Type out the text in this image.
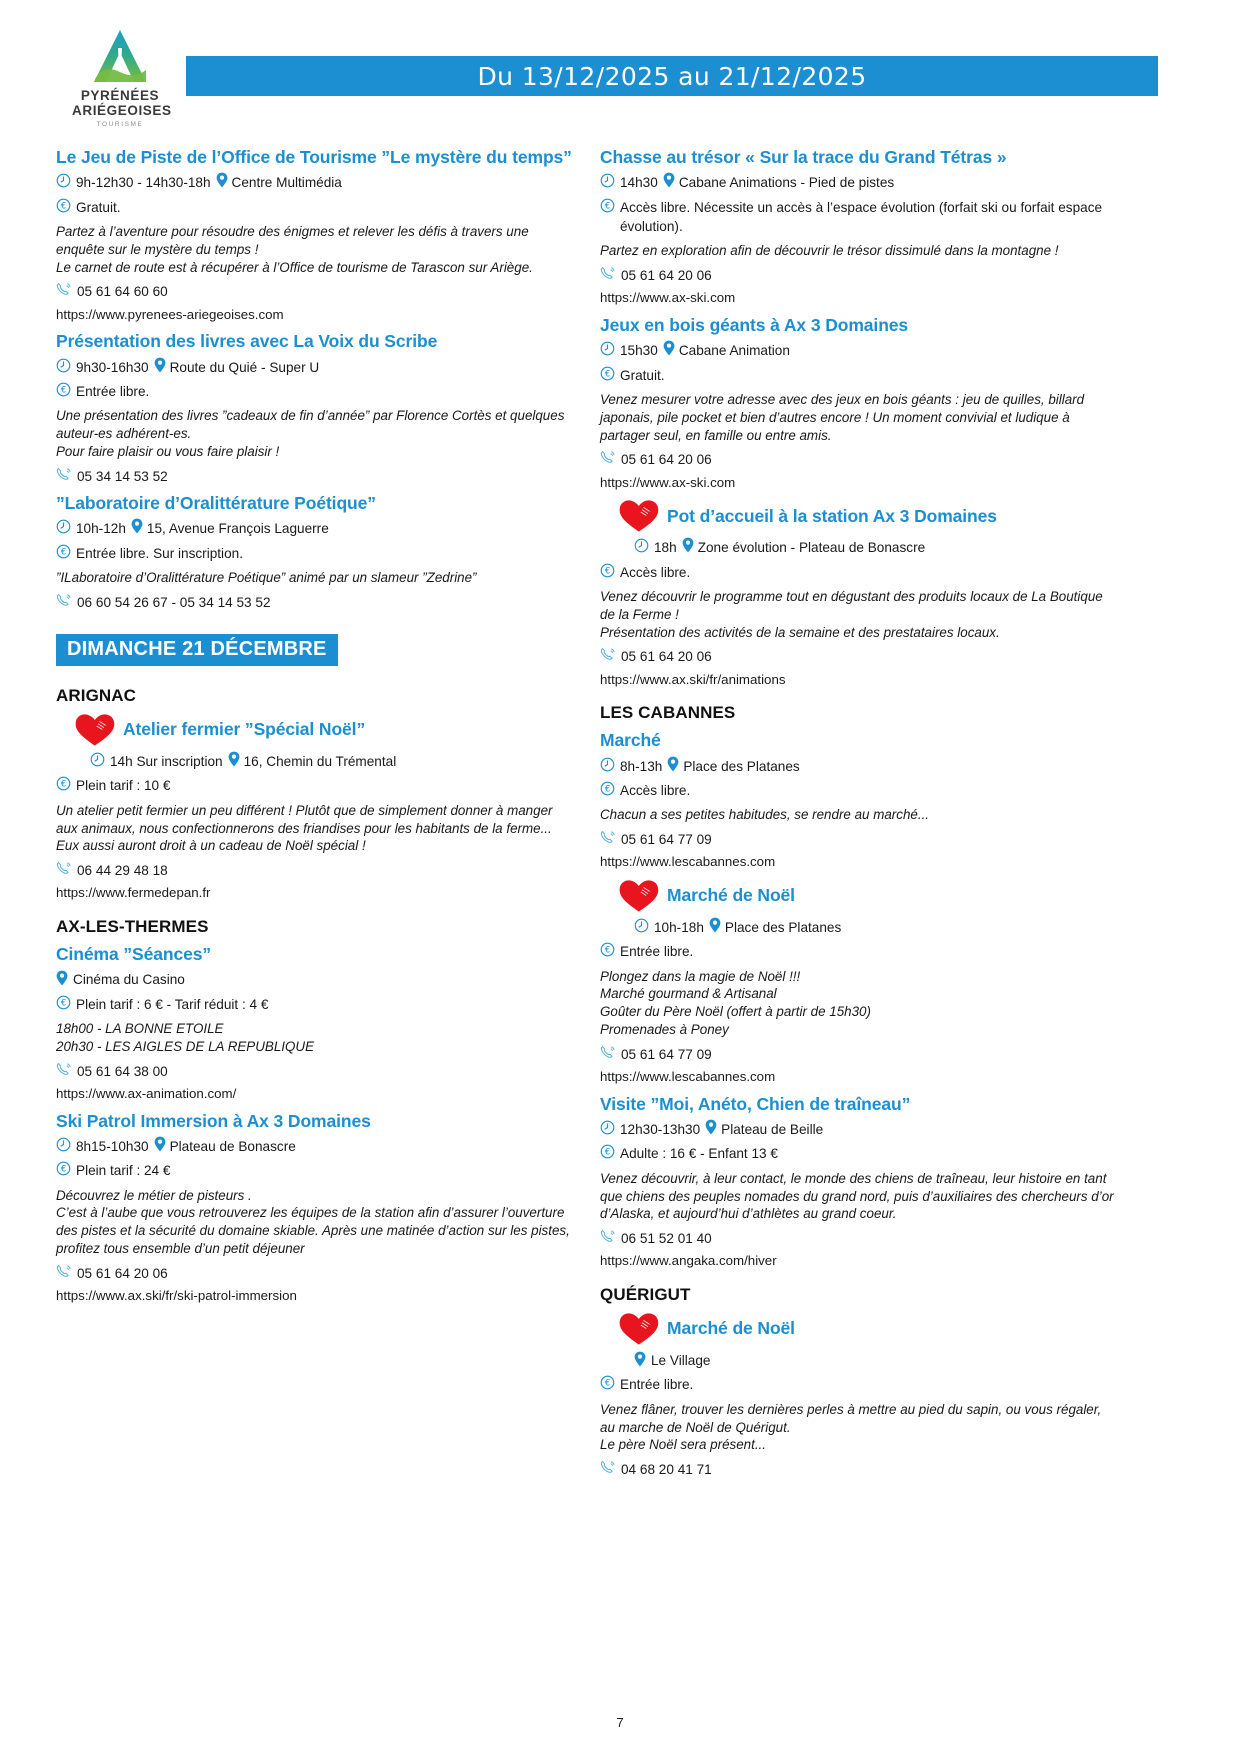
PYRÉNÉES
ARIÉGEOISES
TOURISME
Du 13/12/2025 au 21/12/2025
Le Jeu de Piste de l’Office de Tourisme ”Le mystère du temps”
9h-12h30 - 14h30-18h Centre Multimédia
€ Gratuit.
Partez à l’aventure pour résoudre des énigmes et relever les défis à travers une enquête sur le mystère du temps !
Le carnet de route est à récupérer à l’Office de tourisme de Tarascon sur Ariège.
05 61 64 60 60
https://www.pyrenees-ariegeoises.com
Présentation des livres avec La Voix du Scribe
9h30-16h30 Route du Quié - Super U
€ Entrée libre.
Une présentation des livres ”cadeaux de fin d’année” par Florence Cortès et quelques auteur-es adhérent-es.
Pour faire plaisir ou vous faire plaisir !
05 34 14 53 52
”Laboratoire d’Oralittérature Poétique”
10h-12h 15, Avenue François Laguerre
€ Entrée libre. Sur inscription.
”ILaboratoire d’Oralittérature Poétique” animé par un slameur ”Zedrine”
06 60 54 26 67 - 05 34 14 53 52
DIMANCHE 21 DÉCEMBRE
ARIGNAC
Atelier fermier ”Spécial Noël”
14h Sur inscription 16, Chemin du Trémental
€ Plein tarif : 10 €
Un atelier petit fermier un peu différent ! Plutôt que de simplement donner à manger aux animaux, nous confectionnerons des friandises pour les habitants de la ferme... Eux aussi auront droit à un cadeau de Noël spécial !
06 44 29 48 18
https://www.fermedepan.fr
AX-LES-THERMES
Cinéma ”Séances”
Cinéma du Casino
€ Plein tarif : 6 € - Tarif réduit : 4 €
18h00 - LA BONNE ETOILE
20h30 - LES AIGLES DE LA REPUBLIQUE
05 61 64 38 00
https://www.ax-animation.com/
Ski Patrol Immersion à Ax 3 Domaines
8h15-10h30 Plateau de Bonascre
€ Plein tarif : 24 €
Découvrez le métier de pisteurs .
C’est à l’aube que vous retrouverez les équipes de la station afin d’assurer l’ouverture des pistes et la sécurité du domaine skiable. Après une matinée d’action sur les pistes, profitez tous ensemble d’un petit déjeuner
05 61 64 20 06
https://www.ax.ski/fr/ski-patrol-immersion
Chasse au trésor « Sur la trace du Grand Tétras »
14h30 Cabane Animations - Pied de pistes
€ Accès libre. Nécessite un accès à l’espace évolution (forfait ski ou forfait espace évolution).
Partez en exploration afin de découvrir le trésor dissimulé dans la montagne !
05 61 64 20 06
https://www.ax-ski.com
Jeux en bois géants à Ax 3 Domaines
15h30 Cabane Animation
€ Gratuit.
Venez mesurer votre adresse avec des jeux en bois géants : jeu de quilles, billard japonais, pile pocket et bien d’autres encore ! Un moment convivial et ludique à partager seul, en famille ou entre amis.
05 61 64 20 06
https://www.ax-ski.com
Pot d’accueil à la station Ax 3 Domaines
18h Zone évolution - Plateau de Bonascre
€ Accès libre.
Venez découvrir le programme tout en dégustant des produits locaux de La Boutique de la Ferme !
Présentation des activités de la semaine et des prestataires locaux.
05 61 64 20 06
https://www.ax.ski/fr/animations
LES CABANNES
Marché
8h-13h Place des Platanes
€ Accès libre.
Chacun a ses petites habitudes, se rendre au marché...
05 61 64 77 09
https://www.lescabannes.com
Marché de Noël
10h-18h Place des Platanes
€ Entrée libre.
Plongez dans la magie de Noël !!!
Marché gourmand & Artisanal
Goûter du Père Noël (offert à partir de 15h30)
Promenades à Poney
05 61 64 77 09
https://www.lescabannes.com
Visite ”Moi, Anéto, Chien de traîneau”
12h30-13h30 Plateau de Beille
€ Adulte : 16 € - Enfant 13 €
Venez découvrir, à leur contact, le monde des chiens de traîneau, leur histoire en tant que chiens des peuples nomades du grand nord, puis d’auxiliaires des chercheurs d’or d’Alaska, et aujourd’hui d’athlètes au grand coeur.
06 51 52 01 40
https://www.angaka.com/hiver
QUÉRIGUT
Marché de Noël
Le Village
€ Entrée libre.
Venez flâner, trouver les dernières perles à mettre au pied du sapin, ou vous régaler, au marche de Noël de Quérigut.
Le père Noël sera présent...
04 68 20 41 71
7
